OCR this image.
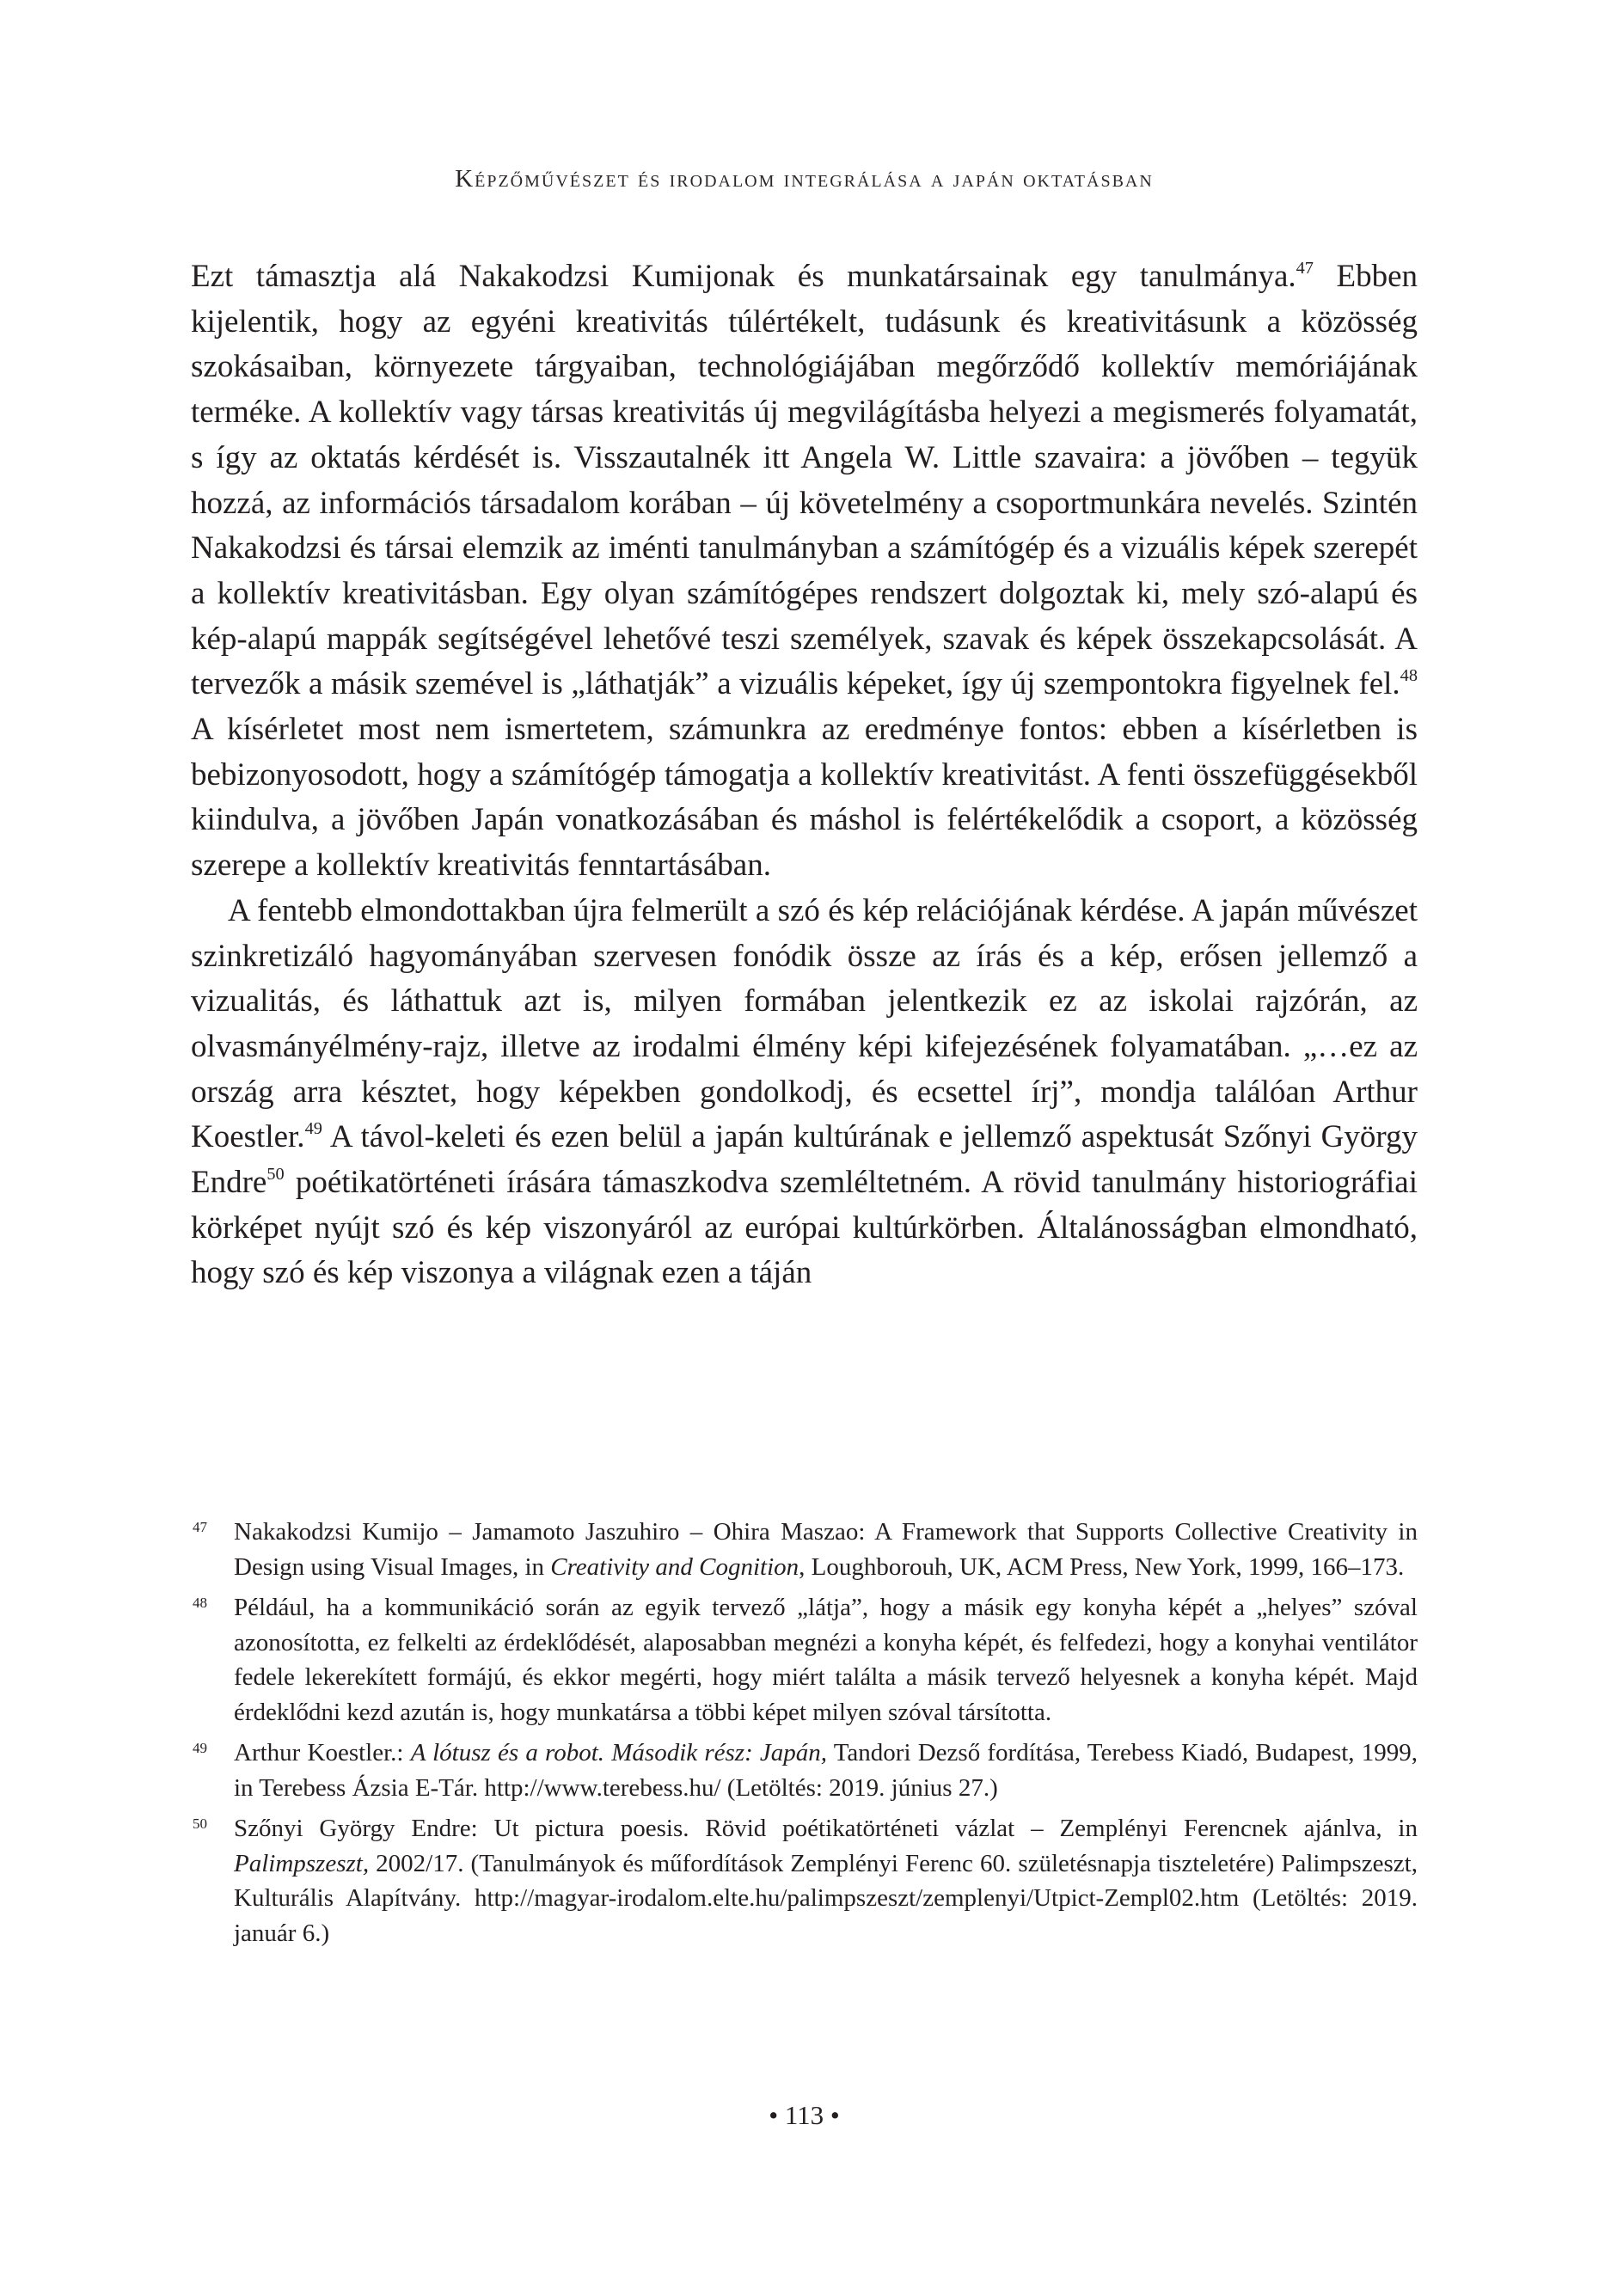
Képzőművészet és irodalom integrálása a japán oktatásban

Ezt támasztja alá Nakakodzsi Kumijonak és munkatársainak egy tanulmánya.$^{47}$ Ebben kijelentik, hogy az egyéni kreativitás túlértékelt, tudásunk és kreativitásunk a közösség szokásaiban, környezete tárgyaiban, technológiájában megőrződő kollektív memóriájának terméke. A kollektív vagy társas kreativitás új megvilágításba helyezi a megismerés folyamatát, s így az oktatás kérdését is. Visszautalnék itt Angela W. Little szavaira: a jövőben – tegyük hozzá, az információs társadalom korában – új követelmény a csoportmunkára nevelés. Szintén Nakakodzsi és társai elemzik az iménti tanulmányban a számítógép és a vizuális képek szerepét a kollektív kreativitásban. Egy olyan számítógépes rendszert dolgoztak ki, mely szó-alapú és kép-alapú mappák segítségével lehetővé teszi személyek, szavak és képek összekapcsolását. A tervezők a másik szemével is „láthatják” a vizuális képeket, így új szempontokra figyelnek fel.$^{48}$ A kísérletet most nem ismertetem, számunkra az eredménye fontos: ebben a kísérletben is bebizonyosodott, hogy a számítógép támogatja a kollektív kreativitást. A fenti összefüggésekből kiindulva, a jövőben Japán vonatkozásában és máshol is felértékelődik a csoport, a közösség szerepe a kollektív kreativitás fenntartásában.

A fentebb elmondottakban újra felmerült a szó és kép relációjának kérdése. A japán művészet szinkretizáló hagyományában szervesen fonódik össze az írás és a kép, erősen jellemző a vizualitás, és láthattuk azt is, milyen formában jelentkezik ez az iskolai rajzórán, az olvasmányélmény-rajz, illetve az irodalmi élmény képi kifejezésének folyamatában. „…ez az ország arra késztet, hogy képekben gondolkodj, és ecsettel írj”, mondja találóan Arthur Koestler.$^{49}$ A távol-keleti és ezen belül a japán kultúrának e jellemző aspektusát Szőnyi György Endre$^{50}$ poétikatörténeti írására támaszkodva szemléltetném. A rövid tanulmány historiográfiai körképet nyújt szó és kép viszonyáról az európai kultúrkörben. Általánosságban elmondható, hogy szó és kép viszonya a világnak ezen a táján

47 Nakakodzsi Kumijo – Jamamoto Jaszuhiro – Ohira Maszao: A Framework that Supports Collective Creativity in Design using Visual Images, in Creativity and Cognition, Loughborouh, UK, ACM Press, New York, 1999, 166–173.
48 Például, ha a kommunikáció során az egyik tervező „látja”, hogy a másik egy konyha képét a „helyes” szóval azonosította, ez felkelti az érdeklődését, alaposabban megnézi a konyha képét, és felfedezi, hogy a konyhai ventilátor fedele lekerekített formájú, és ekkor megérti, hogy miért találta a másik tervező helyesnek a konyha képét. Majd érdeklődni kezd azután is, hogy munkatársa a többi képet milyen szóval társította.
49 Arthur Koestler.: A lótusz és a robot. Második rész: Japán, Tandori Dezső fordítása, Terebess Kiadó, Budapest, 1999, in Terebess Ázsia E-Tár. http://www.terebess.hu/ (Letöltés: 2019. június 27.)
50 Szőnyi György Endre: Ut pictura poesis. Rövid poétikatörténeti vázlat – Zemplényi Ferencnek ajánlva, in Palimpszeszt, 2002/17. (Tanulmányok és műfordítások Zemplényi Ferenc 60. születésnapja tiszteletére) Palimpszeszt, Kulturális Alapítvány. http://magyar-irodalom.elte.hu/palimpszeszt/zemplenyi/Utpict-Zempl02.htm (Letöltés: 2019. január 6.)
• 113 •
